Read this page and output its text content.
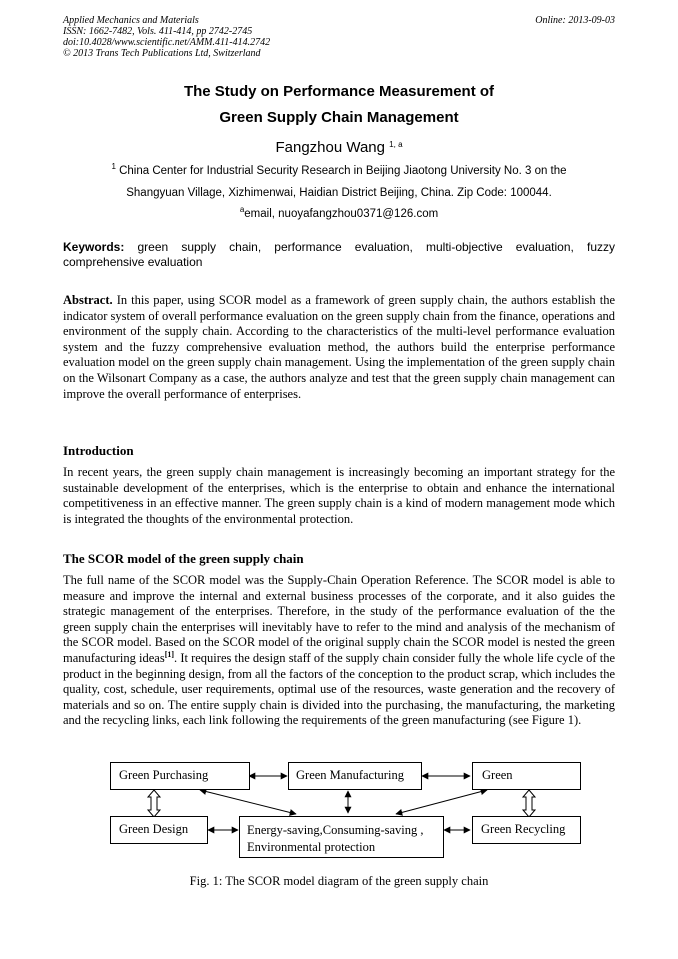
Applied Mechanics and Materials
ISSN: 1662-7482, Vols. 411-414, pp 2742-2745
doi:10.4028/www.scientific.net/AMM.411-414.2742
© 2013 Trans Tech Publications Ltd, Switzerland
Online: 2013-09-03
The Study on Performance Measurement of
Green Supply Chain Management
Fangzhou Wang $^{1, a}$
$^1$ China Center for Industrial Security Research in Beijing Jiaotong University No. 3 on the
Shangyuan Village, Xizhimenwai, Haidian District Beijing, China. Zip Code: 100044.
$^a$email, nuoyafangzhou0371@126.com
Keywords: green supply chain, performance evaluation, multi-objective evaluation, fuzzy comprehensive evaluation
Abstract. In this paper, using SCOR model as a framework of green supply chain, the authors establish the indicator system of overall performance evaluation on the green supply chain from the finance, operations and environment of the supply chain. According to the characteristics of the multi-level performance evaluation system and the fuzzy comprehensive evaluation method, the authors build the enterprise performance evaluation model on the green supply chain management. Using the implementation of the green supply chain on the Wilsonart Company as a case, the authors analyze and test that the green supply chain management can improve the overall performance of enterprises.
Introduction
In recent years, the green supply chain management is increasingly becoming an important strategy for the sustainable development of the enterprises, which is the enterprise to obtain and enhance the international competitiveness in an effective manner. The green supply chain is a kind of modern management mode which is integrated the thoughts of the environmental protection.
The SCOR model of the green supply chain
The full name of the SCOR model was the Supply-Chain Operation Reference. The SCOR model is able to measure and improve the internal and external business processes of the corporate, and it also guides the strategic management of the enterprises. Therefore, in the study of the performance evaluation of the the green supply chain the enterprises will inevitably have to refer to the mind and analysis of the mechanism of the SCOR model. Based on the SCOR model of the original supply chain the SCOR model is nested the green manufacturing ideas[1]. It requires the design staff of the supply chain consider fully the whole life cycle of the product in the beginning design, from all the factors of the conception to the product scrap, which includes the quality, cost, schedule, user requirements, optimal use of the resources, waste generation and the recovery of materials and so on. The entire supply chain is divided into the purchasing, the manufacturing, the marketing and the recycling links, each link following the requirements of the green manufacturing (see Figure 1).
Green Purchasing	Green Manufacturing	Green
Green Design	Energy-saving,Consuming-saving , Environmental protection
Green Recycling
Fig. 1: The SCOR model diagram of the green supply chain
